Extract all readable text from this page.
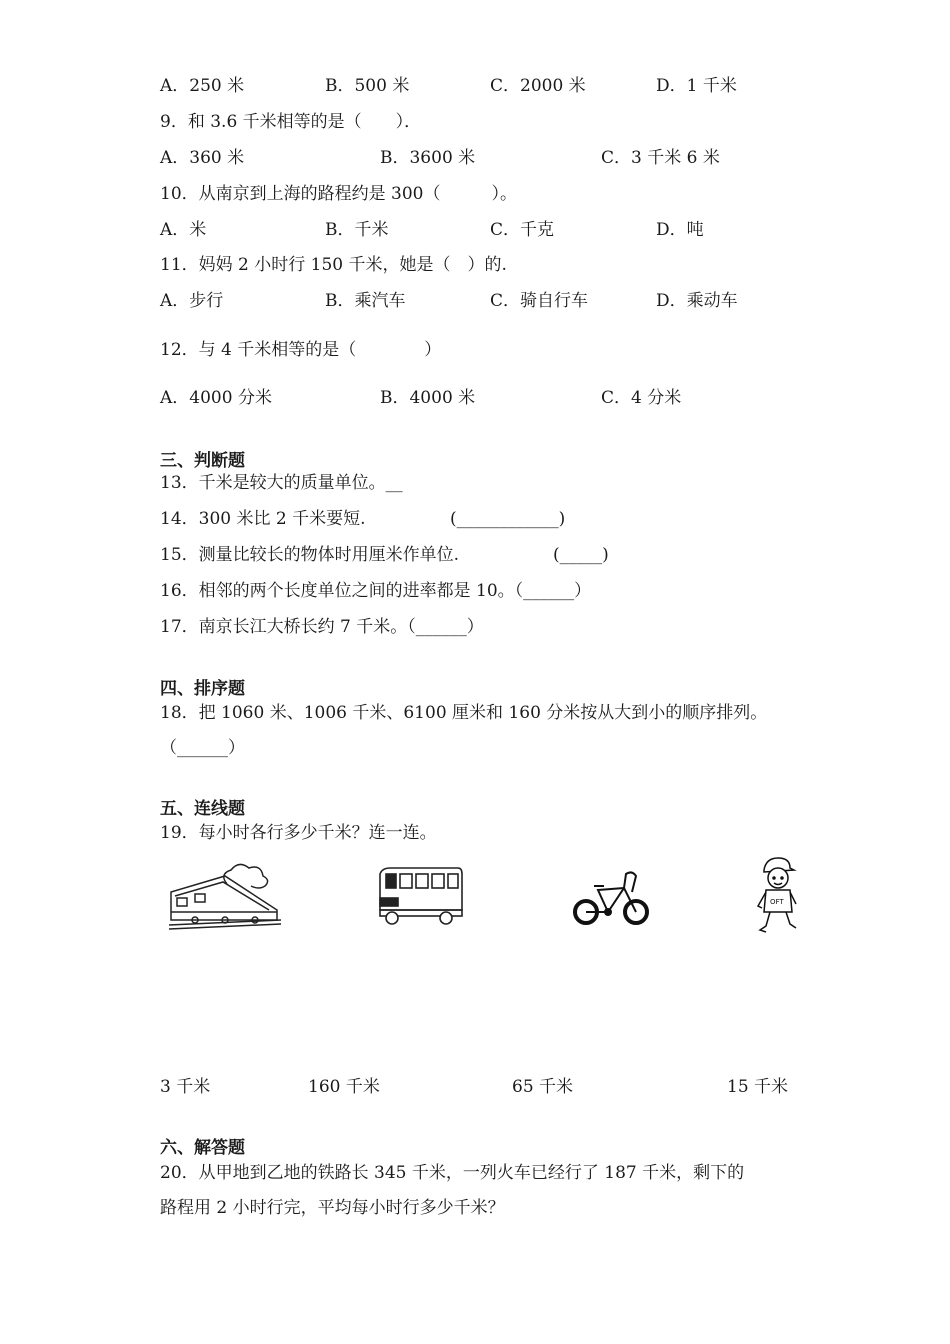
A．250 米	B．500 米	C．2000 米	D．1 千米
9．和 3.6 千米相等的是（　　）．
A．360 米	B．3600 米	C．3 千米 6 米
10．从南京到上海的路程约是 300（　　　）。
A．米	B．千米	C．千克	D．吨
11．妈妈 2 小时行 150 千米，她是（　）的.
A．步行	B．乘汽车	C．骑自行车	D．乘动车
12．与 4 千米相等的是（　　　　）
A．4000 分米	B．4000 米	C．4 分米
三、判断题
13．千米是较大的质量单位。__
14．300 米比 2 千米要短.	(____________)
15．测量比较长的物体时用厘米作单位.	(_____)
16．相邻的两个长度单位之间的进率都是 10。（______）
17．南京长江大桥长约 7 千米。（______）
四、排序题
18．把 1060 米、1006 千米、6100 厘米和 160 分米按从大到小的顺序排列。
（______）
五、连线题
19．每小时各行多少千米？连一连。
OFT
3 千米	160 千米	65 千米	15 千米
六、解答题
20．从甲地到乙地的铁路长 345 千米，一列火车已经行了 187 千米，剩下的
路程用 2 小时行完，平均每小时行多少千米？
